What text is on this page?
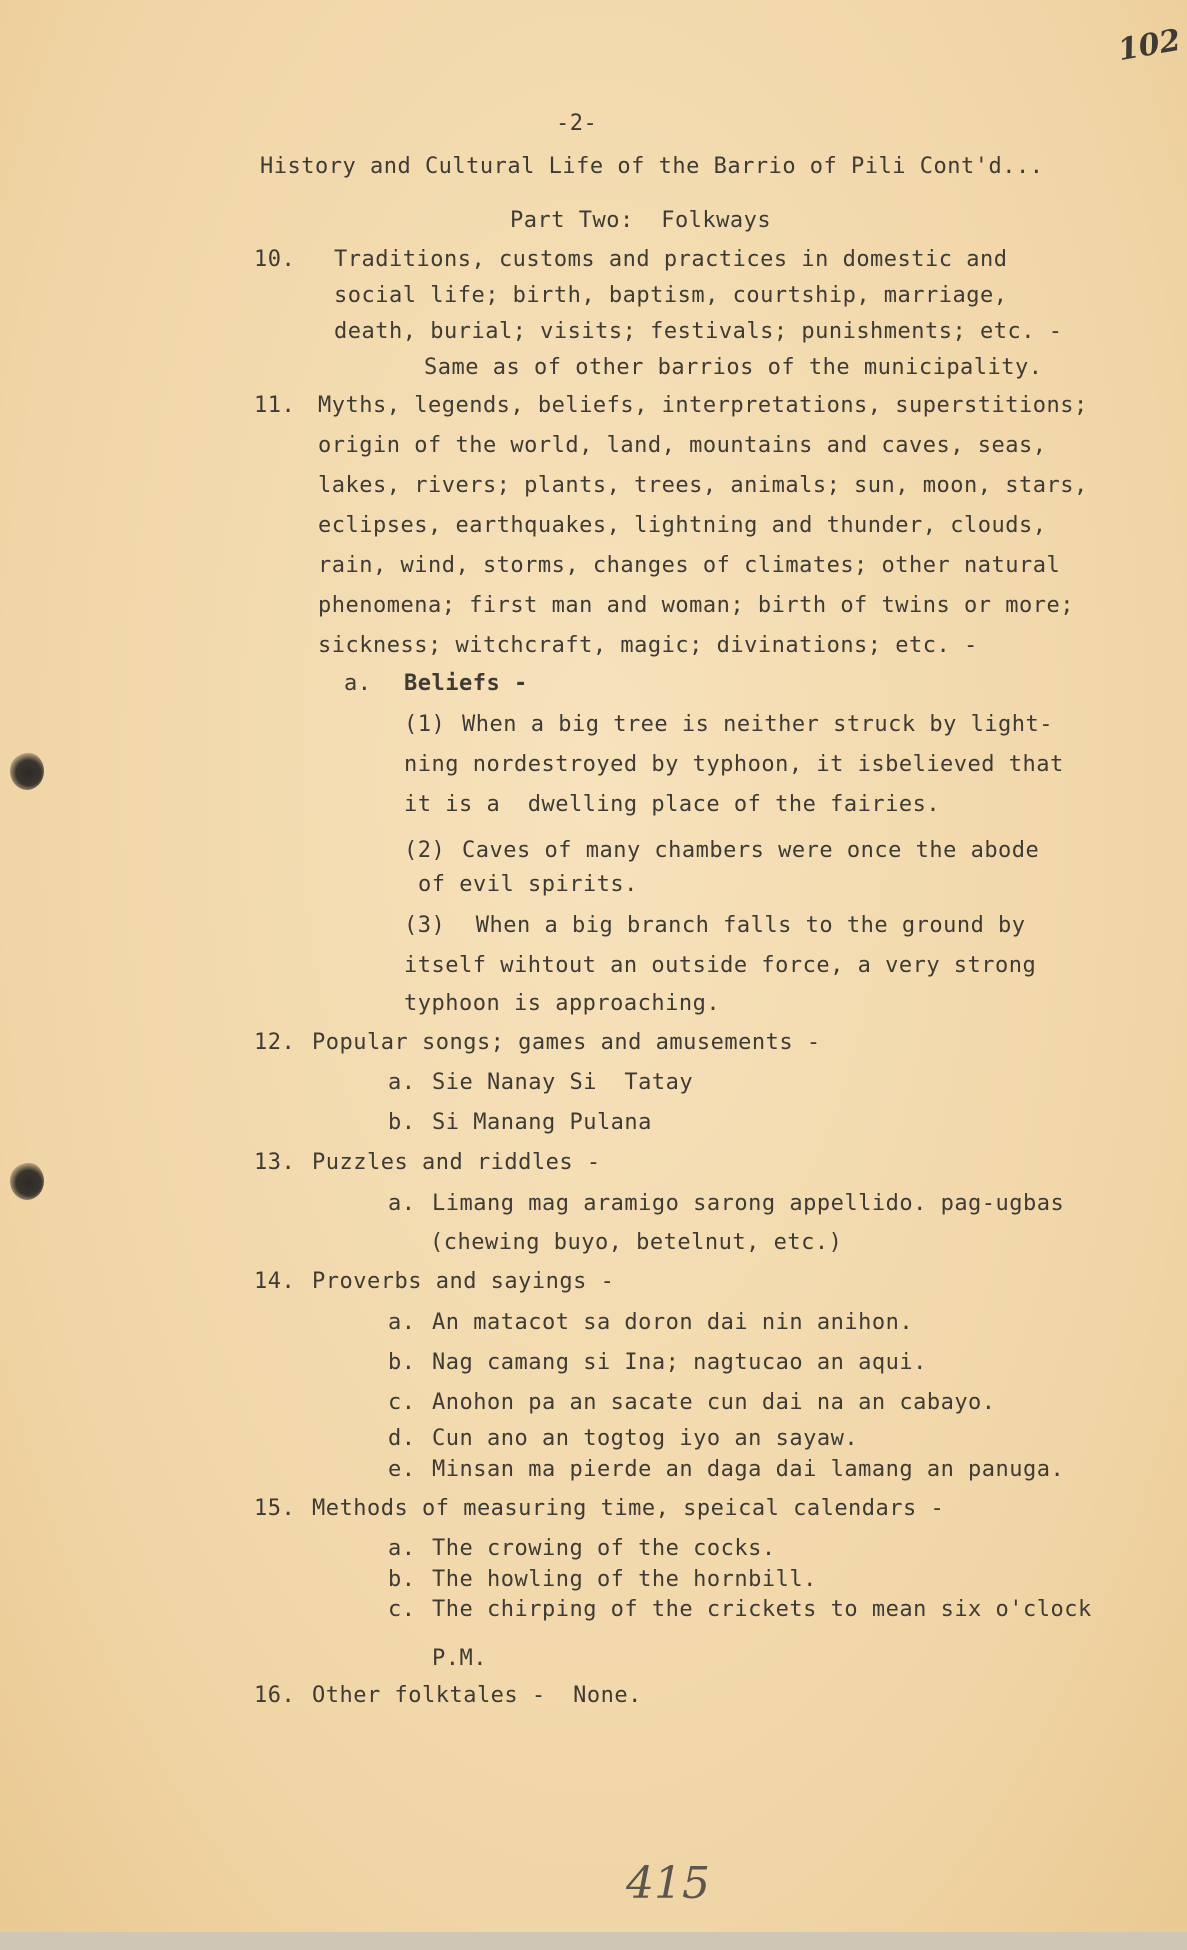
102
415
-2-
History and Cultural Life of the Barrio of Pili Cont'd...
Part Two:  Folkways
10. Traditions, customs and practices in domestic and
social life; birth, baptism, courtship, marriage,
death, burial; visits; festivals; punishments; etc. -
Same as of other barrios of the municipality.
11. Myths, legends, beliefs, interpretations, superstitions;
origin of the world, land, mountains and caves, seas,
lakes, rivers; plants, trees, animals; sun, moon, stars,
eclipses, earthquakes, lightning and thunder, clouds,
rain, wind, storms, changes of climates; other natural
phenomena; first man and woman; birth of twins or more;
sickness; witchcraft, magic; divinations; etc. -
a. Beliefs -
(1) When a big tree is neither struck by light-
ning nordestroyed by typhoon, it isbelieved that
it is a  dwelling place of the fairies.
(2) Caves of many chambers were once the abode
of evil spirits.
(3) When a big branch falls to the ground by
itself wihtout an outside force, a very strong
typhoon is approaching.
12. Popular songs; games and amusements -
a. Sie Nanay Si  Tatay
b. Si Manang Pulana
13. Puzzles and riddles -
a. Limang mag aramigo sarong appellido. pag-ugbas
(chewing buyo, betelnut, etc.)
14. Proverbs and sayings -
a. An matacot sa doron dai nin anihon.
b. Nag camang si Ina; nagtucao an aqui.
c. Anohon pa an sacate cun dai na an cabayo.
d. Cun ano an togtog iyo an sayaw.
e. Minsan ma pierde an daga dai lamang an panuga.
15. Methods of measuring time, speical calendars -
a. The crowing of the cocks.
b. The howling of the hornbill.
c. The chirping of the crickets to mean six o'clock
P.M.
16. Other folktales -  None.
